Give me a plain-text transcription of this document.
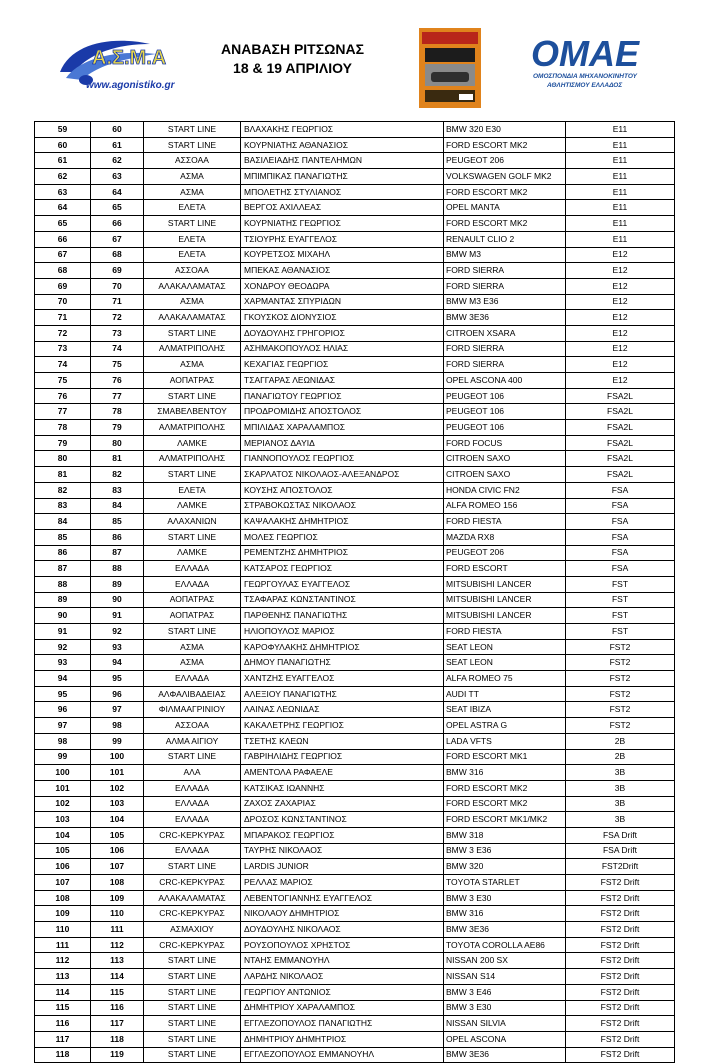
Α.Σ.Μ.Α
www.agonistiko.gr
ΑΝΑΒΑΣΗ ΡΙΤΣΩΝΑΣ
18 & 19 ΑΠΡΙΛΙΟΥ	ΟΜΑΕ
ΟΜΟΣΠΟΝΔΙΑ ΜΗΧΑΝΟΚΙΝΗΤΟΥ
ΑΘΛΗΤΙΣΜΟΥ ΕΛΛΑΔΟΣ
59	60	START LINE	ΒΛΑΧΑΚΗΣ ΓΕΩΡΓΙΟΣ	BMW 320 E30	E11
60	61	START LINE	ΚΟΥΡΝΙΑΤΗΣ ΑΘΑΝΑΣΙΟΣ	FORD ESCORT MK2	E11
61	62	ΑΣΣΟΑΑ	ΒΑΣΙΛΕΙΑΔΗΣ ΠΑΝΤΕΛΗΜΩΝ	PEUGEOT 206	E11
62	63	ΑΣΜΑ	ΜΠΙΜΠΙΚΑΣ ΠΑΝΑΓΙΩΤΗΣ	VOLKSWAGEN GOLF MK2	E11
63	64	ΑΣΜΑ	ΜΠΟΛΕΤΗΣ ΣΤΥΛΙΑΝΟΣ	FORD ESCORT MK2	E11
64	65	ΕΛΕΤΑ	ΒΕΡΓΟΣ ΑΧΙΛΛΕΑΣ	OPEL MANTA	E11
65	66	START LINE	ΚΟΥΡΝΙΑΤΗΣ ΓΕΩΡΓΙΟΣ	FORD ESCORT MK2	E11
66	67	ΕΛΕΤΑ	ΤΣΙΟΥΡΗΣ ΕΥΑΓΓΕΛΟΣ	RENAULT CLIO 2	E11
67	68	ΕΛΕΤΑ	ΚΟΥΡΕΤΣΟΣ ΜΙΧΑΗΛ	BMW M3	E12
68	69	ΑΣΣΟΑΑ	ΜΠΕΚΑΣ ΑΘΑΝΑΣΙΟΣ	FORD SIERRA	E12
69	70	ΑΛΑΚΑΛΑΜΑΤΑΣ	ΧΟΝΔΡΟΥ ΘΕΟΔΩΡΑ	FORD SIERRA	E12
70	71	ΑΣΜΑ	ΧΑΡΜΑΝΤΑΣ ΣΠΥΡΙΔΩΝ	BMW M3 E36	E12
71	72	ΑΛΑΚΑΛΑΜΑΤΑΣ	ΓΚΟΥΣΚΟΣ ΔΙΟΝΥΣΙΟΣ	BMW 3E36	E12
72	73	START LINE	ΔΟΥΔΟΥΛΗΣ ΓΡΗΓΟΡΙΟΣ	CITROEN XSARA	E12
73	74	ΑΛΜΑΤΡΙΠΟΛΗΣ	ΑΣΗΜΑΚΟΠΟΥΛΟΣ ΗΛΙΑΣ	FORD SIERRA	E12
74	75	ΑΣΜΑ	ΚΕΧΑΓΙΑΣ ΓΕΩΡΓΙΟΣ	FORD SIERRA	E12
75	76	ΑΟΠΑΤΡΑΣ	ΤΣΑΓΓΑΡΑΣ ΛΕΩΝΙΔΑΣ	OPEL ASCONA 400	E12
76	77	START LINE	ΠΑΝΑΓΙΩΤΟΥ ΓΕΩΡΓΙΟΣ	PEUGEOT 106	FSA2L
77	78	ΣΜΑΒΕΛΒΕΝΤΟΥ	ΠΡΟΔΡΟΜΙΔΗΣ ΑΠΟΣΤΟΛΟΣ	PEUGEOT 106	FSA2L
78	79	ΑΛΜΑΤΡΙΠΟΛΗΣ	ΜΠΙΛΙΔΑΣ ΧΑΡΑΛΑΜΠΟΣ	PEUGEOT 106	FSA2L
79	80	ΛΑΜΚΕ	ΜΕΡΙΑΝΟΣ ΔΑΥΙΔ	FORD FOCUS	FSA2L
80	81	ΑΛΜΑΤΡΙΠΟΛΗΣ	ΓΙΑΝΝΟΠΟΥΛΟΣ ΓΕΩΡΓΙΟΣ	CITROEN SAXO	FSA2L
81	82	START LINE	ΣΚΑΡΛΑΤΟΣ ΝΙΚΟΛΑΟΣ-ΑΛΕΞΑΝΔΡΟΣ	CITROEN SAXO	FSA2L
82	83	ΕΛΕΤΑ	ΚΟΥΣΗΣ ΑΠΟΣΤΟΛΟΣ	HONDA CIVIC FN2	FSA
83	84	ΛΑΜΚΕ	ΣΤΡΑΒΟΚΩΣΤΑΣ ΝΙΚΟΛΑΟΣ	ALFA ROMEO 156	FSA
84	85	ΑΛΑΧΑΝΙΩΝ	ΚΑΨΑΛΑΚΗΣ ΔΗΜΗΤΡΙΟΣ	FORD FIESTA	FSA
85	86	START LINE	ΜΟΛΕΣ ΓΕΩΡΓΙΟΣ	MAZDA RX8	FSA
86	87	ΛΑΜΚΕ	ΡΕΜΕΝΤΖΗΣ ΔΗΜΗΤΡΙΟΣ	PEUGEOT 206	FSA
87	88	ΕΛΛΑΔΑ	ΚΑΤΣΑΡΟΣ ΓΕΩΡΓΙΟΣ	FORD ESCORT	FSA
88	89	ΕΛΛΑΔΑ	ΓΕΩΡΓΟΥΛΑΣ ΕΥΑΓΓΕΛΟΣ	MITSUBISHI LANCER	FST
89	90	ΑΟΠΑΤΡΑΣ	ΤΣΑΦΑΡΑΣ ΚΩΝΣΤΑΝΤΙΝΟΣ	MITSUBISHI LANCER	FST
90	91	ΑΟΠΑΤΡΑΣ	ΠΑΡΘΕΝΗΣ ΠΑΝΑΓΙΩΤΗΣ	MITSUBISHI LANCER	FST
91	92	START LINE	ΗΛΙΟΠΟΥΛΟΣ ΜΑΡΙΟΣ	FORD FIESTA	FST
92	93	ΑΣΜΑ	ΚΑΡΟΦΥΛΑΚΗΣ ΔΗΜΗΤΡΙΟΣ	SEAT LEON	FST2
93	94	ΑΣΜΑ	ΔΗΜΟΥ ΠΑΝΑΓΙΩΤΗΣ	SEAT LEON	FST2
94	95	ΕΛΛΑΔΑ	ΧΑΝΤΖΗΣ ΕΥΑΓΓΕΛΟΣ	ALFA ROMEO 75	FST2
95	96	ΑΛΦΑΛΙΒΑΔΕΙΑΣ	ΑΛΕΞΙΟΥ ΠΑΝΑΓΙΩΤΗΣ	AUDI TT	FST2
96	97	ΦΙΛΜΑΑΓΡΙΝΙΟΥ	ΛΑΙΝΑΣ ΛΕΩΝΙΔΑΣ	SEAT IBIZA	FST2
97	98	ΑΣΣΟΑΑ	ΚΑΚΑΛΕΤΡΗΣ ΓΕΩΡΓΙΟΣ	OPEL ASTRA G	FST2
98	99	ΑΛΜΑ ΑΙΓΙΟΥ	ΤΣΕΤΗΣ ΚΛΕΩΝ	LADA VFTS	2B
99	100	START LINE	ΓΑΒΡΙΗΛΙΔΗΣ ΓΕΩΡΓΙΟΣ	FORD ESCORT MK1	2B
100	101	ΑΛΑ	ΑΜΕΝΤΟΛΑ ΡΑΦΑΕΛΕ	BMW 316	3B
101	102	ΕΛΛΑΔΑ	ΚΑΤΣΙΚΑΣ ΙΩΑΝΝΗΣ	FORD ESCORT MK2	3B
102	103	ΕΛΛΑΔΑ	ΖΑΧΟΣ ΖΑΧΑΡΙΑΣ	FORD ESCORT MK2	3B
103	104	ΕΛΛΑΔΑ	ΔΡΟΣΟΣ ΚΩΝΣΤΑΝΤΙΝΟΣ	FORD ESCORT MK1/MK2	3B
104	105	CRC-ΚΕΡΚΥΡΑΣ	ΜΠΑΡΑΚΟΣ ΓΕΩΡΓΙΟΣ	BMW 318	FSA Drift
105	106	ΕΛΛΑΔΑ	ΤΑΥΡΗΣ ΝΙΚΟΛΑΟΣ	BMW 3 E36	FSA Drift
106	107	START LINE	LARDIS JUNIOR	BMW 320	FST2Drift
107	108	CRC-ΚΕΡΚΥΡΑΣ	ΡΕΛΛΑΣ ΜΑΡΙΟΣ	TOYOTA STARLET	FST2 Drift
108	109	ΑΛΑΚΑΛΑΜΑΤΑΣ	ΛΕΒΕΝΤΟΓΙΑΝΝΗΣ ΕΥΑΓΓΕΛΟΣ	BMW 3 E30	FST2 Drift
109	110	CRC-ΚΕΡΚΥΡΑΣ	ΝΙΚΟΛΑΟΥ ΔΗΜΗΤΡΙΟΣ	BMW 316	FST2 Drift
110	111	ΑΣΜΑΧΙΟΥ	ΔΟΥΔΟΥΛΗΣ ΝΙΚΟΛΑΟΣ	BMW 3E36	FST2 Drift
111	112	CRC-ΚΕΡΚΥΡΑΣ	ΡΟΥΣΟΠΟΥΛΟΣ ΧΡΗΣΤΟΣ	TOYOTA COROLLA AE86	FST2 Drift
112	113	START LINE	ΝΤΑΗΣ ΕΜΜΑΝΟΥΗΛ	NISSAN 200 SX	FST2 Drift
113	114	START LINE	ΛΑΡΔΗΣ ΝΙΚΟΛΑΟΣ	NISSAN S14	FST2 Drift
114	115	START LINE	ΓΕΩΡΓΙΟΥ ΑΝΤΩΝΙΟΣ	BMW 3 E46	FST2 Drift
115	116	START LINE	ΔΗΜΗΤΡΙΟΥ ΧΑΡΑΛΑΜΠΟΣ	BMW 3 E30	FST2 Drift
116	117	START LINE	ΕΓΓΛΕΖΟΠΟΥΛΟΣ ΠΑΝΑΓΙΩΤΗΣ	NISSAN SILVIA	FST2 Drift
117	118	START LINE	ΔΗΜΗΤΡΙΟΥ ΔΗΜΗΤΡΙΟΣ	OPEL ASCONA	FST2 Drift
118	119	START LINE	ΕΓΓΛΕΖΟΠΟΥΛΟΣ ΕΜΜΑΝΟΥΗΛ	BMW 3E36	FST2 Drift
